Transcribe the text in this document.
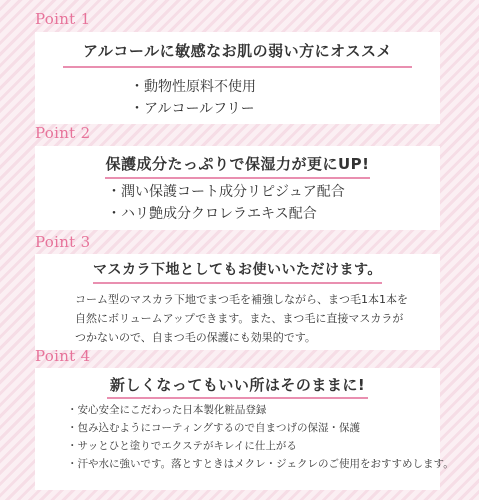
Point 1
アルコールに敏感なお肌の弱い方にオススメ
・動物性原料不使用
・アルコールフリー
Point 2
保護成分たっぷりで保湿力が更にUP!
・潤い保護コート成分リピジュア配合
・ハリ艶成分クロレラエキス配合
Point 3
マスカラ下地としてもお使いいただけます。
コーム型のマスカラ下地でまつ毛を補強しながら、まつ毛1本1本を
自然にボリュームアップできます。また、まつ毛に直接マスカラが
つかないので、自まつ毛の保護にも効果的です。
Point 4
新しくなってもいい所はそのままに!
・安心安全にこだわった日本製化粧品登録
・包み込むようにコーティングするので自まつげの保湿・保護
・サッとひと塗りでエクステがキレイに仕上がる
・汗や水に強いです。落とすときはメクレ・ジェクレのご使用をおすすめします。
